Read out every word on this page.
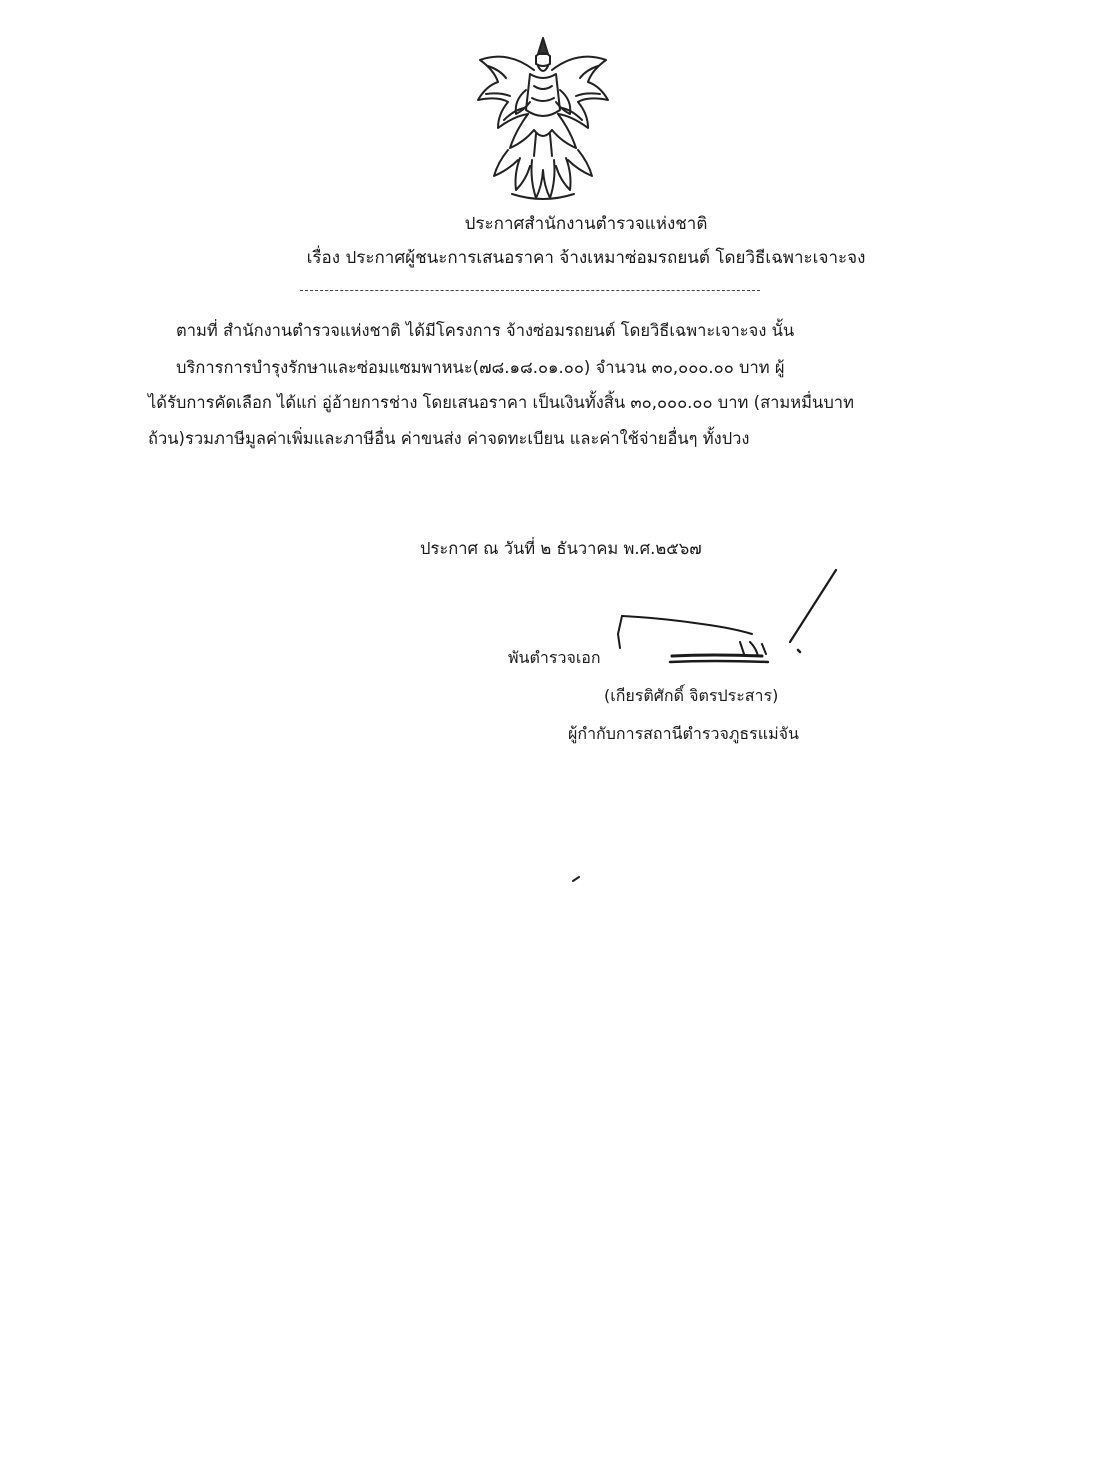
ประกาศสำนักงานตำรวจแห่งชาติ
เรื่อง ประกาศผู้ชนะการเสนอราคา จ้างเหมาซ่อมรถยนต์ โดยวิธีเฉพาะเจาะจง
ตามที่ สำนักงานตำรวจแห่งชาติ ได้มีโครงการ จ้างซ่อมรถยนต์ โดยวิธีเฉพาะเจาะจง นั้น
บริการการบำรุงรักษาและซ่อมแซมพาหนะ(๗๘.๑๘.๐๑.๐๐) จำนวน ๓๐,๐๐๐.๐๐ บาท ผู้
ได้รับการคัดเลือก ได้แก่ อู่อ้ายการช่าง โดยเสนอราคา เป็นเงินทั้งสิ้น ๓๐,๐๐๐.๐๐ บาท (สามหมื่นบาท
ถ้วน)รวมภาษีมูลค่าเพิ่มและภาษีอื่น ค่าขนส่ง ค่าจดทะเบียน และค่าใช้จ่ายอื่นๆ ทั้งปวง
ประกาศ ณ วันที่ ๒ ธันวาคม พ.ศ.๒๕๖๗
พันตำรวจเอก
(เกียรติศักดิ์ จิตรประสาร)
ผู้กำกับการสถานีตำรวจภูธรแม่จัน
